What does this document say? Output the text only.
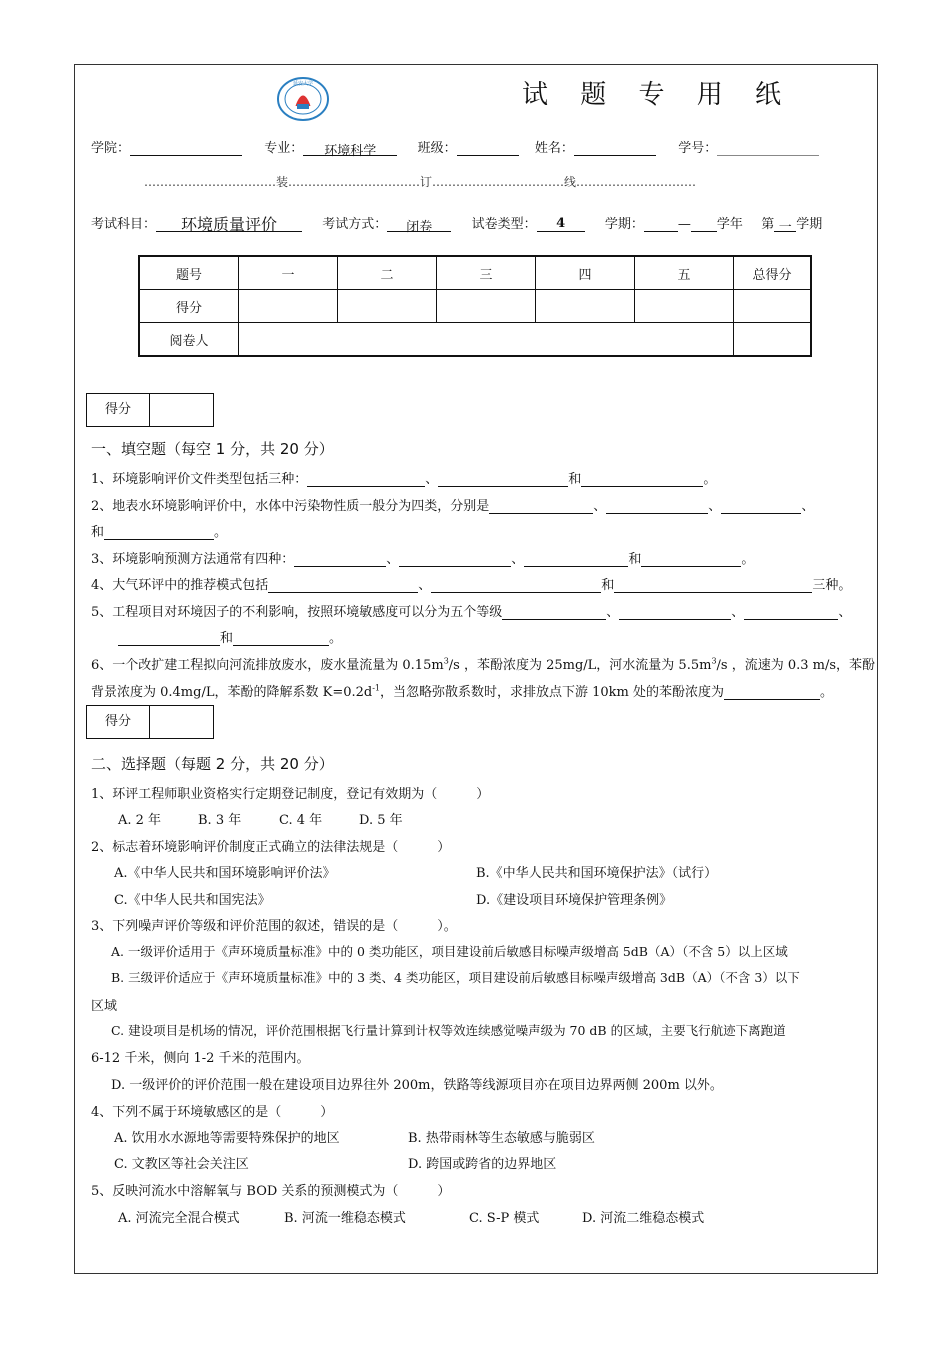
延安大学	试 题 专 用 纸
学院：	专业： 环境科学	班级：	姓名：	学号：
……………………………装……………………………订……………………………线…………………………
考试科目： 环境质量评价	考试方式： 闭卷	试卷类型： 4	学期：	— 学年 第 一 学期
题号	一	二	三	四	五	总得分
得分						
阅卷人						
得分
一、填空题（每空 1 分，共 20 分）
1、环境影响评价文件类型包括三种：	、	和	。
2、地表水环境影响评价中，水体中污染物性质一般分为四类，分别是	、	、	、
和	。
3、环境影响预测方法通常有四种：	、	、	和	。
4、大气环评中的推荐模式包括	、	和	三种。
5、工程项目对环境因子的不利影响，按照环境敏感度可以分为五个等级	、	、	、
和	。
6、一个改扩建工程拟向河流排放废水，废水量流量为 $0.15m^3/s$ ，苯酚浓度为 25mg/L，河水流量为 $5.5m^3/s$ ，流速为 0.3 m/s，苯酚
背景浓度为 0.4mg/L，苯酚的降解系数 $K=0.2d^{-1}$，当忽略弥散系数时，求排放点下游 10km 处的苯酚浓度为	。
得分
二、选择题（每题 2 分，共 20 分）
1、环评工程师职业资格实行定期登记制度，登记有效期为（　　　）
A. 2 年	B. 3 年	C. 4 年	D. 5 年
2、标志着环境影响评价制度正式确立的法律法规是（　　　）
A.《中华人民共和国环境影响评价法》	B.《中华人民共和国环境保护法》（试行）
C.《中华人民共和国宪法》	D.《建设项目环境保护管理条例》
3、下列噪声评价等级和评价范围的叙述，错误的是（　　　）。
A. 一级评价适用于《声环境质量标准》中的 0 类功能区，项目建设前后敏感目标噪声级增高 5dB（A）（不含 5）以上区域
B. 三级评价适应于《声环境质量标准》中的 3 类、4 类功能区，项目建设前后敏感目标噪声级增高 3dB（A）（不含 3）以下
区域
C. 建设项目是机场的情况，评价范围根据飞行量计算到计权等效连续感觉噪声级为 70 dB 的区域，主要飞行航迹下离跑道
6-12 千米，侧向 1-2 千米的范围内。
D. 一级评价的评价范围一般在建设项目边界往外 200m，铁路等线源项目亦在项目边界两侧 200m 以外。
4、下列不属于环境敏感区的是（　　　）
A. 饮用水水源地等需要特殊保护的地区	B. 热带雨林等生态敏感与脆弱区
C. 文教区等社会关注区	D. 跨国或跨省的边界地区
5、反映河流水中溶解氧与 BOD 关系的预测模式为（　　　）
A. 河流完全混合模式	B. 河流一维稳态模式	C. S-P 模式	D. 河流二维稳态模式
